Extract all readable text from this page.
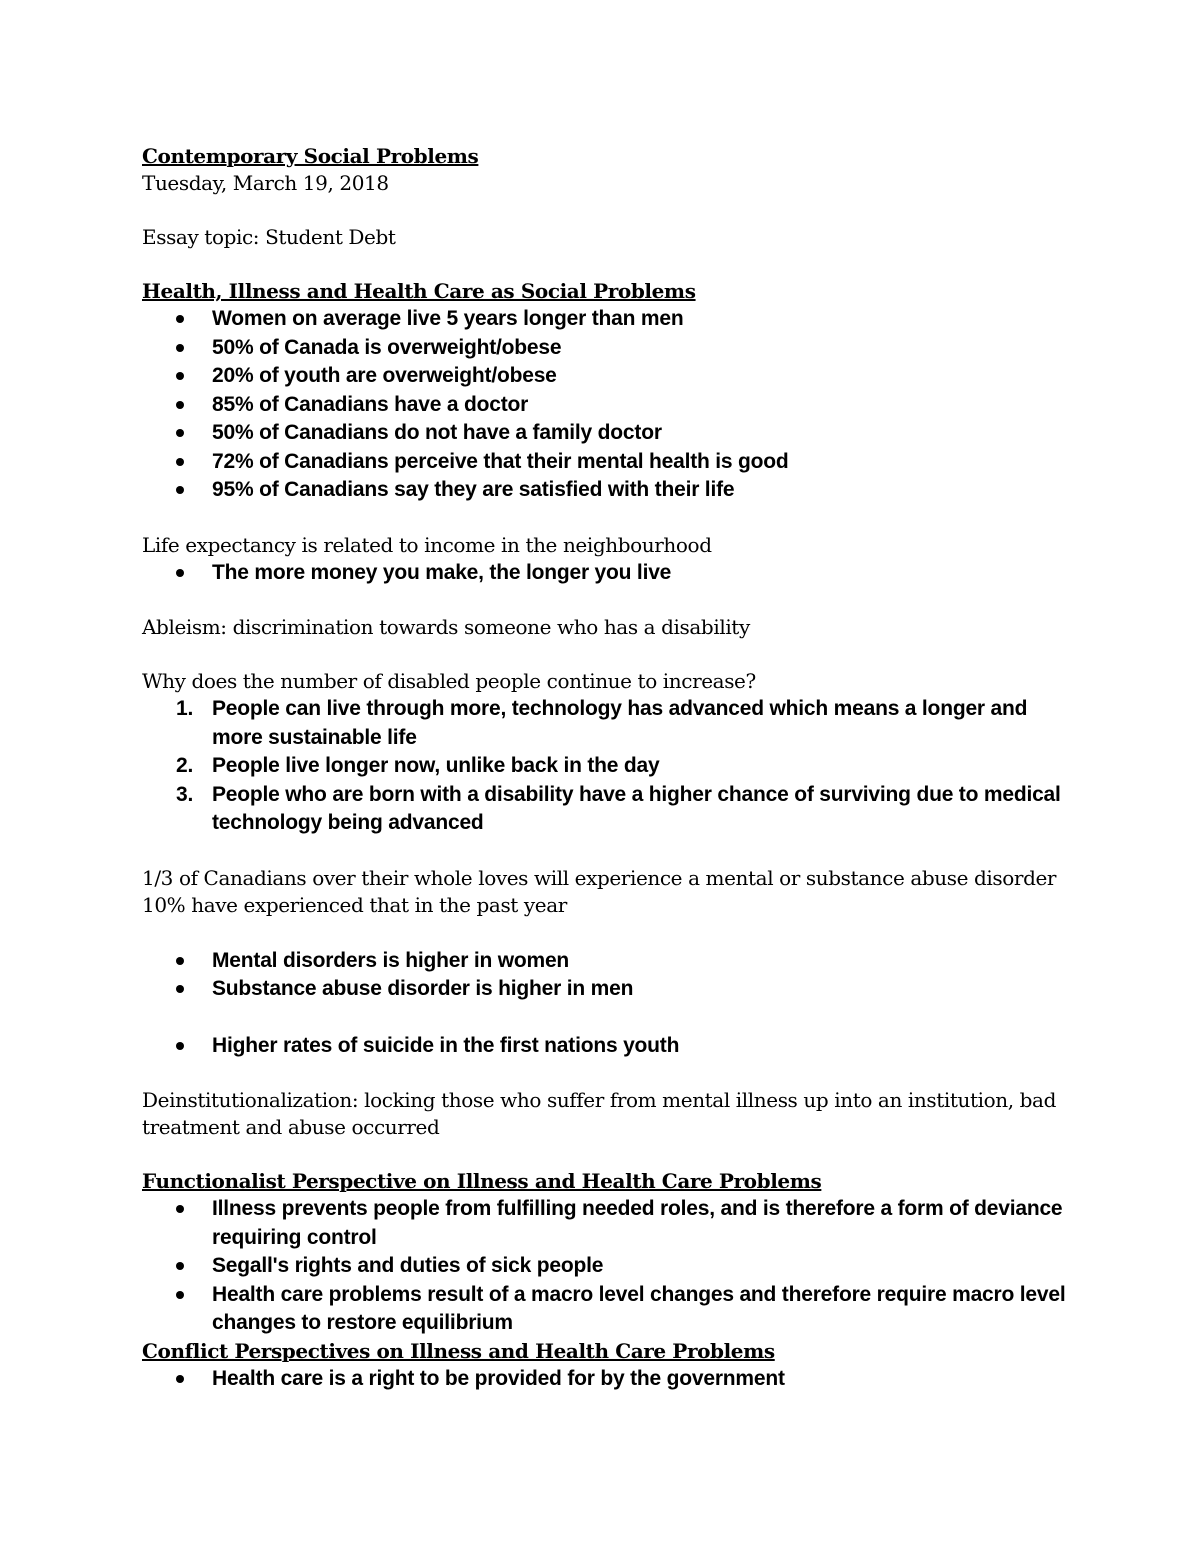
Contemporary Social Problems
Tuesday, March 19, 2018
Essay topic: Student Debt
Health, Illness and Health Care as Social Problems
Women on average live 5 years longer than men
50% of Canada is overweight/obese
20% of youth are overweight/obese
85% of Canadians have a doctor
50% of Canadians do not have a family doctor
72% of Canadians perceive that their mental health is good
95% of Canadians say they are satisfied with their life
Life expectancy is related to income in the neighbourhood
The more money you make, the longer you live
Ableism: discrimination towards someone who has a disability
Why does the number of disabled people continue to increase?
1. People can live through more, technology has advanced which means a longer and more sustainable life
2. People live longer now, unlike back in the day
3. People who are born with a disability have a higher chance of surviving due to medical technology being advanced
1/3 of Canadians over their whole loves will experience a mental or substance abuse disorder
10% have experienced that in the past year
Mental disorders is higher in women
Substance abuse disorder is higher in men
Higher rates of suicide in the first nations youth
Deinstitutionalization: locking those who suffer from mental illness up into an institution, bad treatment and abuse occurred
Functionalist Perspective on Illness and Health Care Problems
Illness prevents people from fulfilling needed roles, and is therefore a form of deviance requiring control
Segall's rights and duties of sick people
Health care problems result of a macro level changes and therefore require macro level changes to restore equilibrium
Conflict Perspectives on Illness and Health Care Problems
Health care is a right to be provided for by the government
